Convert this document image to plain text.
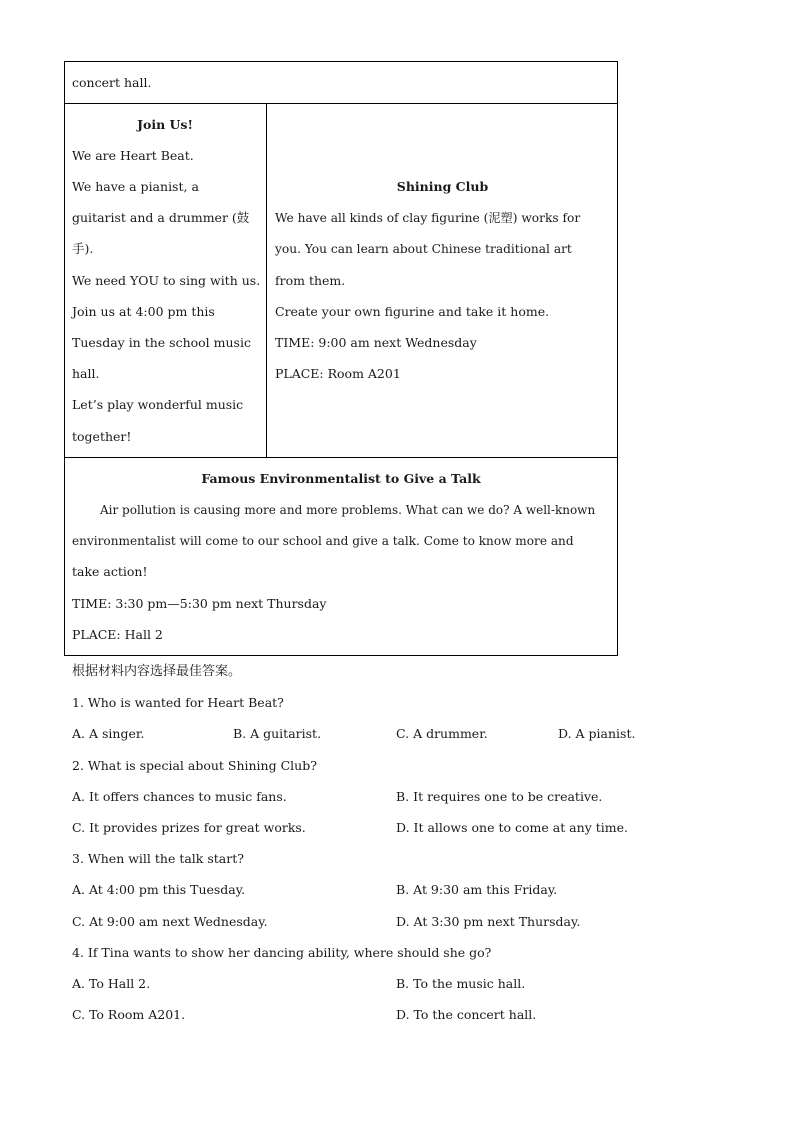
concert hall.
Join Us!
We are Heart Beat.
We have a pianist, a
guitarist and a drummer (鼓
手).
We need YOU to sing with us.
Join us at 4:00 pm this
Tuesday in the school music
hall.
Let’s play wonderful music
together!
Shining Club
We have all kinds of clay figurine (泥塑) works for
you. You can learn about Chinese traditional art
from them.
Create your own figurine and take it home.
TIME: 9:00 am next Wednesday
PLACE: Room A201
Famous Environmentalist to Give a Talk
Air pollution is causing more and more problems. What can we do? A well-known
environmentalist will come to our school and give a talk. Come to know more and
take action!
TIME: 3:30 pm—5:30 pm next Thursday
PLACE: Hall 2
根据材料内容选择最佳答案。
1. Who is wanted for Heart Beat?
A. A singer.	B. A guitarist.	C. A drummer.	D. A pianist.
2. What is special about Shining Club?
A. It offers chances to music fans.	B. It requires one to be creative.
C. It provides prizes for great works.	D. It allows one to come at any time.
3. When will the talk start?
A. At 4:00 pm this Tuesday.	B. At 9:30 am this Friday.
C. At 9:00 am next Wednesday.	D. At 3:30 pm next Thursday.
4. If Tina wants to show her dancing ability, where should she go?
A. To Hall 2.	B. To the music hall.
C. To Room A201.	D. To the concert hall.
